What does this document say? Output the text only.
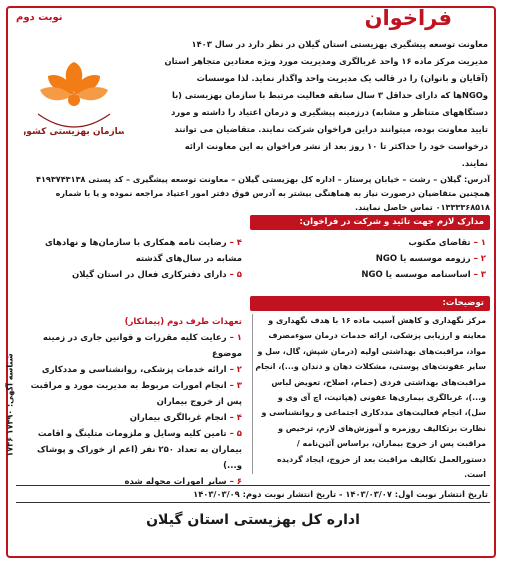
فراخوان
نوبت دوم
سازمان بهزیستی کشور
معاونت توسعه پیشگیری بهزیستی استان گیلان در نظر دارد در سال ۱۴۰۳ مدیریت مرکز ماده ۱۶ واحد غربالگری ومدیریت مورد ویژه معتادین متجاهر استان (آقایان و بانوان) را در قالب یک مدیریت واحد واگذار نماید. لذا موسسات وNGOها که دارای حداقل ۳ سال سابقه فعالیت مرتبط با سازمان بهزیستی (با دستگاههای متناظر و مشابه) درزمینه پیشگیری و درمان اعتیاد را داشته و مورد تایید معاونت بوده، میتوانند دراین فراخوان شرکت نمایند. متقاضیان می توانند درخواست خود را حداکثر تا ۱۰ روز بعد از نشر فراخوان به این معاونت ارائه نمایند.
آدرس: گیلان – رشت – خیابان پرستار – اداره کل بهزیستی گیلان – معاونت توسعه پیشگیری – کد پستی ۴۱۹۳۷۴۳۱۳۸ همچنین متقاضیان درصورت نیاز به هماهنگی بیشتر به آدرس فوق دفتر امور اعتیاد مراجعه نموده و یا با شماره ۰۱۳۳۳۳۶۸۵۱۸ تماس حاصل نمایند.
مدارک لازم جهت تائید و شرکت در فراخوان:
۱ – تقاضای مکتوب
۲ – رزومه موسسه یا NGO
۳ – اساسنامه موسسه یا NGO
۴ – رضایت نامه همکاری با سازمان‌ها و نهادهای مشابه در سال‌های گذشته
۵ – دارای دفترکاری فعال در استان گیلان
توضیحات:
مرکز نگهداری و کاهش آسیب ماده ۱۶ با هدف نگهداری و معاینه و ارزیابی پزشکی، ارائه خدمات درمان سوءمصرف مواد، مراقبت‌های بهداشتی اولیه (درمان شپش، گال، سل و سایر عفونت‌های پوستی، مشکلات دهان و دندان و...)، انجام مراقبت‌های بهداشتی فردی (حمام، اصلاح، تعویض لباس و...)، غربالگری بیماری‌ها عفونی (هپاتیت، اچ آی وی و سل)، انجام فعالیت‌های مددکاری اجتماعی و روانشناسی و نظارت برتکالیف روزمره و آموزش‌های لازم، ترخیص و مراقبت پس از خروج بیماران، براساس آئین‌نامه / دستورالعمل تکالیف مراقبت بعد از خروج، ایجاد گردیده است.
تعهدات طرف دوم (پیمانکار)
۱ – رعایت کلیه مقررات و قوانین جاری در زمینه موضوع
۲ – ارائه خدمات پزشکی، روانشناسی و مددکاری
۳ – انجام امورات مربوط به مدیریت مورد و مراقبت پس از خروج بیماران
۴ – انجام غربالگری بیماران
۵ – تامین کلیه وسایل و ملزومات متلینگ و اقامت بیماران به تعداد ۲۵۰ نفر (اعم از خوراک و پوشاک و...)
۶ – سایر امورات محوله شده
شناسه آگهی: ۱۷۳۹۰ ۱۷۳۶
تاریخ انتشار نوبت اول: ۱۴۰۳/۰۳/۰۷ - تاریخ انتشار نوبت دوم: ۱۴۰۳/۰۳/۰۹
اداره کل بهزیستی استان گیلان
